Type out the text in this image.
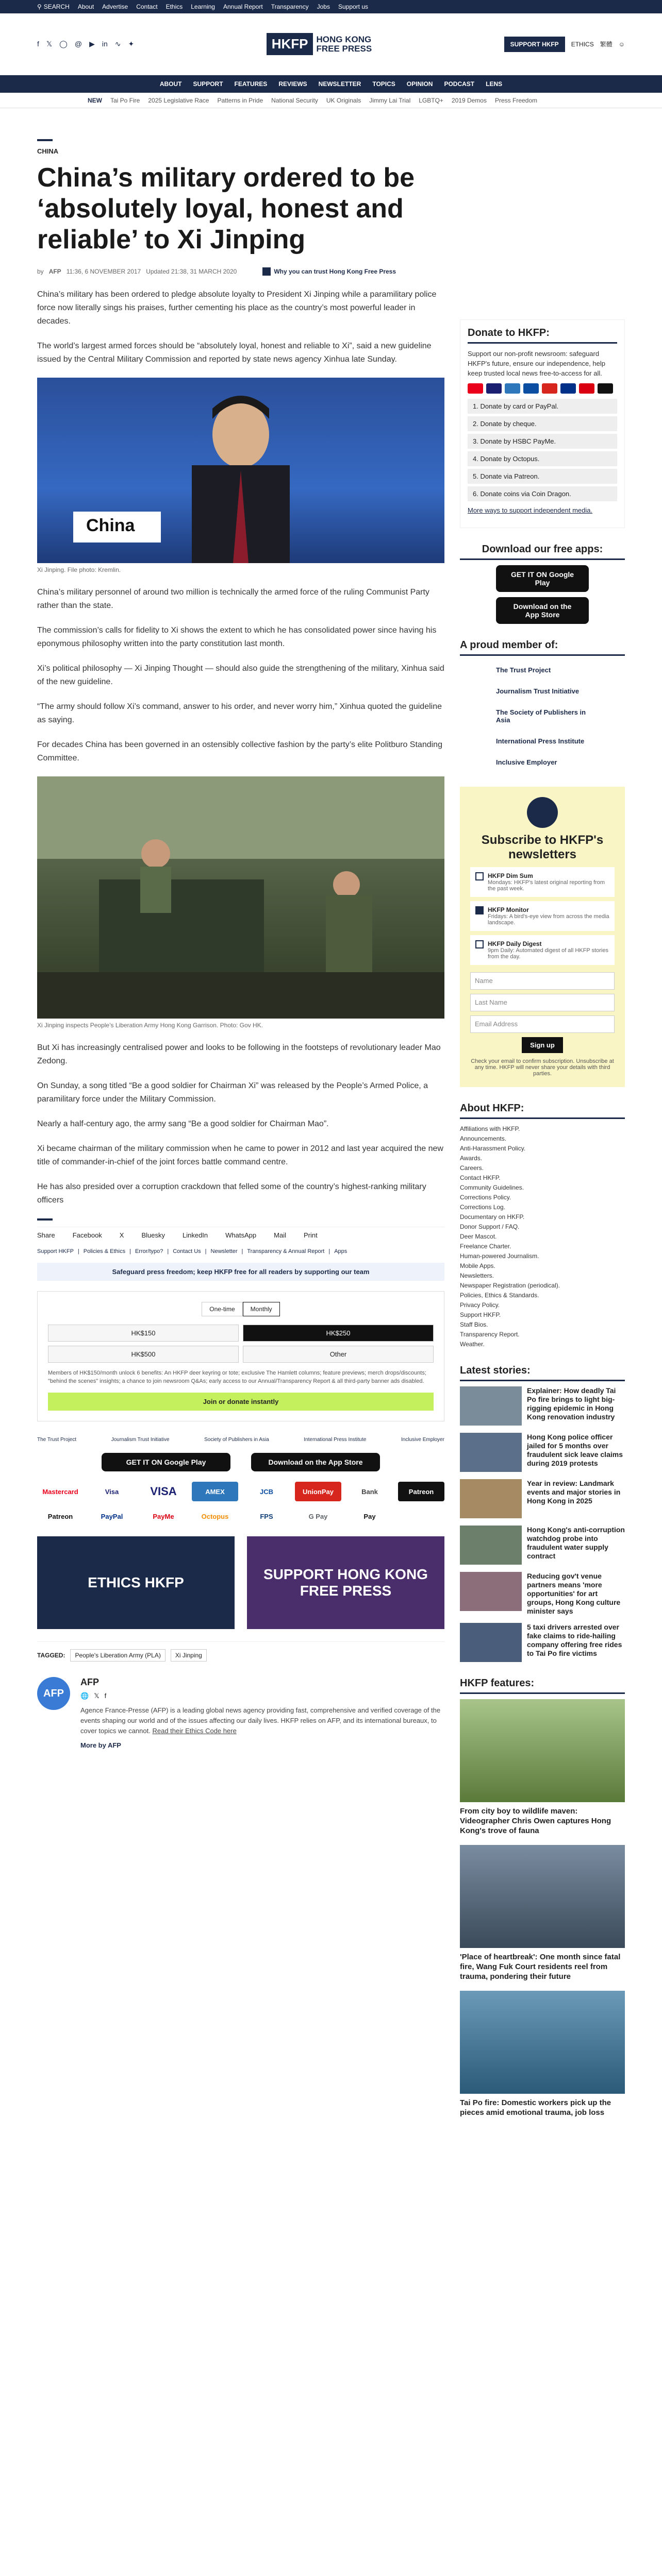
⚲ SEARCH About Advertise Contact Ethics Learning Annual Report Transparency Jobs Support us
f 𝕏 ◯ @ ▶ in ∿ ✦	HKFP HONG KONG
FREE PRESS	SUPPORT HKFP	ETHICS 繁體 ☺
ABOUT SUPPORT FEATURES REVIEWS NEWSLETTER TOPICS OPINION PODCAST LENS
NEW Tai Po Fire 2025 Legislative Race Patterns in Pride National Security UK Originals Jimmy Lai Trial LGBTQ+ 2019 Demos Press Freedom
CHINA
China’s military ordered to be ‘absolutely loyal, honest and reliable’ to Xi Jinping
by AFP 11:36, 6 NOVEMBER 2017 Updated 21:38, 31 MARCH 2020	Why you can trust Hong Kong Free Press

China’s military has been ordered to pledge absolute loyalty to President Xi Jinping while a paramilitary police force now literally sings his praises, further cementing his place as the country’s most powerful leader in decades.

The world’s largest armed forces should be “absolutely loyal, honest and reliable to Xi”, said a new guideline issued by the Central Military Commission and reported by state news agency Xinhua late Sunday.

China
Xi Jinping. File photo: Kremlin.

China’s military personnel of around two million is technically the armed force of the ruling Communist Party rather than the state.

The commission’s calls for fidelity to Xi shows the extent to which he has consolidated power since having his eponymous philosophy written into the party constitution last month.

Xi’s political philosophy — Xi Jinping Thought — should also guide the strengthening of the military, Xinhua said of the new guideline.

“The army should follow Xi’s command, answer to his order, and never worry him,” Xinhua quoted the guideline as saying.

For decades China has been governed in an ostensibly collective fashion by the party’s elite Politburo Standing Committee.

Xi Jinping inspects People’s Liberation Army Hong Kong Garrison. Photo: Gov HK.

But Xi has increasingly centralised power and looks to be following in the footsteps of revolutionary leader Mao Zedong.

On Sunday, a song titled “Be a good soldier for Chairman Xi” was released by the People’s Armed Police, a paramilitary force under the Military Commission.

Nearly a half-century ago, the army sang “Be a good soldier for Chairman Mao”.

Xi became chairman of the military commission when he came to power in 2012 and last year acquired the new title of commander-in-chief of the joint forces battle command centre.

He has also presided over a corruption crackdown that felled some of the country’s highest-ranking military officers

Share	Facebook	X	Bluesky	LinkedIn	WhatsApp	Mail	Print
Support HKFP | Policies & Ethics | Error/typo? | Contact Us | Newsletter | Transparency & Annual Report | Apps
Safeguard press freedom; keep HKFP free for all readers by supporting our team
One-time	Monthly
HK$150	HK$250
HK$500	Other
Members of HK$150/month unlock 6 benefits: An HKFP deer keyring or tote; exclusive The Hamlett columns; feature previews; merch drops/discounts; "behind the scenes" insights; a chance to join newsroom Q&As; early access to our Annual/Transparency Report & all third-party banner ads disabled.
Join or donate instantly
The Trust Project	Journalism Trust Initiative	Society of Publishers in Asia	International Press Institute	Inclusive Employer
GET IT ON Google Play	Download on the App Store
Mastercard	Visa	VISA	AMEX	JCB	UnionPay	Bank	Patreon
Patreon	PayPal	PayMe	Octopus	FPS	G Pay	Pay
ETHICS HKFP
SUPPORT HONG KONG FREE PRESS
TAGGED:	People's Liberation Army (PLA)	Xi Jinping
AFP
AFP
🌐 𝕏 f
Agence France-Presse (AFP) is a leading global news agency providing fast, comprehensive and verified coverage of the events shaping our world and of the issues affecting our daily lives. HKFP relies on AFP, and its international bureaux, to cover topics we cannot. Read their Ethics Code here
More by AFP
Donate to HKFP:

Support our non-profit newsroom: safeguard HKFP's future, ensure our independence, help keep trusted local news free-to-access for all.

1. Donate by card or PayPal.
2. Donate by cheque.
3. Donate by HSBC PayMe.
4. Donate by Octopus.
5. Donate via Patreon.
6. Donate coins via Coin Dragon.

More ways to support independent media.

Download our free apps:
GET IT ON Google Play
Download on the App Store
A proud member of:
The Trust Project
Journalism Trust Initiative
The Society of Publishers in Asia
International Press Institute
Inclusive Employer
Subscribe to HKFP's newsletters
HKFP Dim Sum
Mondays: HKFP's latest original reporting from the past week.
HKFP Monitor
Fridays: A bird's-eye view from across the media landscape.
HKFP Daily Digest
9pm Daily: Automated digest of all HKFP stories from the day.
Name
Last Name
Email Address
Sign up

Check your email to confirm subscription. Unsubscribe at any time. HKFP will never share your details with third parties.

About HKFP:
Affiliations with HKFP.
Announcements.
Anti-Harassment Policy.
Awards.
Careers.
Contact HKFP.
Community Guidelines.
Corrections Policy.
Corrections Log.
Documentary on HKFP.
Donor Support / FAQ.
Deer Mascot.
Freelance Charter.
Human-powered Journalism.
Mobile Apps.
Newsletters.
Newspaper Registration (periodical).
Policies, Ethics & Standards.
Privacy Policy.
Support HKFP.
Staff Bios.
Transparency Report.
Weather.
Latest stories:
Explainer: How deadly Tai Po fire brings to light big-rigging epidemic in Hong Kong renovation industry
Hong Kong police officer jailed for 5 months over fraudulent sick leave claims during 2019 protests
Year in review: Landmark events and major stories in Hong Kong in 2025
Hong Kong's anti-corruption watchdog probe into fraudulent water supply contract
Reducing gov't venue partners means 'more opportunities' for art groups, Hong Kong culture minister says
5 taxi drivers arrested over fake claims to ride-hailing company offering free rides to Tai Po fire victims
HKFP features:
From city boy to wildlife maven: Videographer Chris Owen captures Hong Kong's trove of fauna
'Place of heartbreak': One month since fatal fire, Wang Fuk Court residents reel from trauma, pondering their future
Tai Po fire: Domestic workers pick up the pieces amid emotional trauma, job loss
